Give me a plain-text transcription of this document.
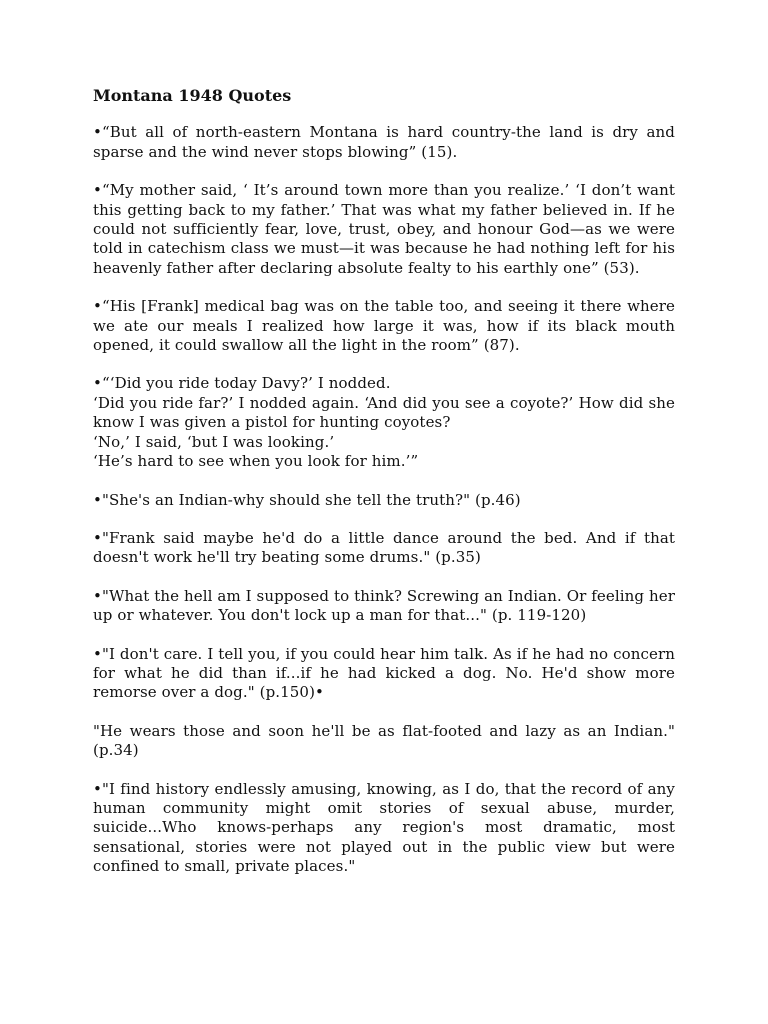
Montana 1948 Quotes

•“But all of north-eastern Montana is hard country-the land is dry and sparse and the wind never stops blowing” (15).

•“My mother said, ‘ It’s around town more than you realize.’ ‘I don’t want this getting back to my father.’ That was what my father believed in. If he could not sufficiently fear, love, trust, obey, and honour God—as we were told in catechism class we must—it was because he had nothing left for his heavenly father after declaring absolute fealty to his earthly one” (53).

•“His [Frank] medical bag was on the table too, and seeing it there where we ate our meals I realized how large it was, how if its black mouth opened, it could swallow all the light in the room” (87).

•“‘Did you ride today Davy?’ I nodded.
‘Did you ride far?’ I nodded again. ‘And did you see a coyote?’ How did she know I was given a pistol for hunting coyotes?
‘No,’ I said, ‘but I was looking.’
‘He’s hard to see when you look for him.’”

•"She's an Indian-why should she tell the truth?" (p.46)

•"Frank said maybe he'd do a little dance around the bed. And if that doesn't work he'll try beating some drums." (p.35)

•"What the hell am I supposed to think? Screwing an Indian. Or feeling her up or whatever. You don't lock up a man for that..." (p. 119-120)

•"I don't care. I tell you, if you could hear him talk. As if he had no concern for what he did than if...if he had kicked a dog. No. He'd show more remorse over a dog." (p.150)•

"He wears those and soon he'll be as flat-footed and lazy as an Indian." (p.34)

•"I find history endlessly amusing, knowing, as I do, that the record of any human community might omit stories of sexual abuse, murder, suicide...Who knows-perhaps any region's most dramatic, most sensational, stories were not played out in the public view but were confined to small, private places."
